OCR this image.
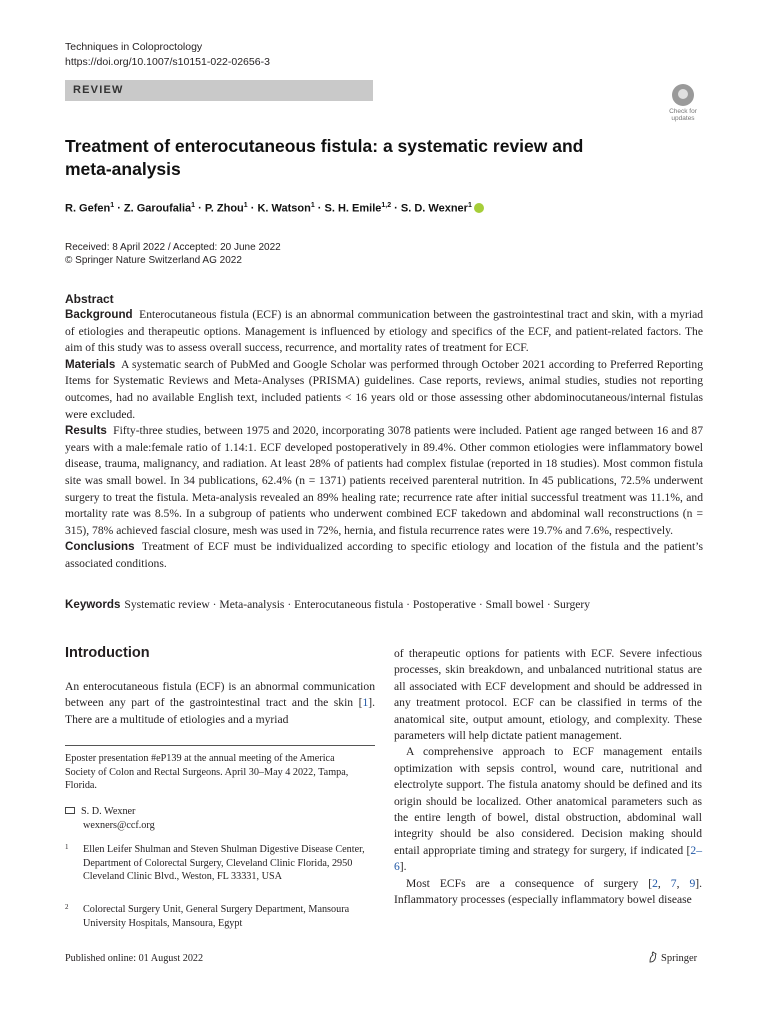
Techniques in Coloproctology
https://doi.org/10.1007/s10151-022-02656-3
REVIEW
Check for
updates
Treatment of enterocutaneous fistula: a systematic review and meta-analysis
R. Gefen$^1$ · Z. Garoufalia$^1$ · P. Zhou$^1$ · K. Watson$^1$ · S. H. Emile$^{1,2}$ · S. D. Wexner$^1$
Received: 8 April 2022 / Accepted: 20 June 2022
© Springer Nature Switzerland AG 2022
Abstract

Background Enterocutaneous fistula (ECF) is an abnormal communication between the gastrointestinal tract and skin, with a myriad of etiologies and therapeutic options. Management is influenced by etiology and specifics of the ECF, and patient-related factors. The aim of this study was to assess overall success, recurrence, and mortality rates of treatment for ECF.

Materials A systematic search of PubMed and Google Scholar was performed through October 2021 according to Preferred Reporting Items for Systematic Reviews and Meta-Analyses (PRISMA) guidelines. Case reports, reviews, animal studies, studies not reporting outcomes, had no available English text, included patients < 16 years old or those assessing other abdominocutaneous/internal fistulas were excluded.

Results Fifty-three studies, between 1975 and 2020, incorporating 3078 patients were included. Patient age ranged between 16 and 87 years with a male:female ratio of 1.14:1. ECF developed postoperatively in 89.4%. Other common etiologies were inflammatory bowel disease, trauma, malignancy, and radiation. At least 28% of patients had complex fistulae (reported in 18 studies). Most common fistula site was small bowel. In 34 publications, 62.4% (n = 1371) patients received parenteral nutrition. In 45 publications, 72.5% underwent surgery to treat the fistula. Meta-analysis revealed an 89% healing rate; recurrence rate after initial successful treatment was 11.1%, and mortality rate was 8.5%. In a subgroup of patients who underwent combined ECF takedown and abdominal wall reconstructions (n = 315), 78% achieved fascial closure, mesh was used in 72%, hernia, and fistula recurrence rates were 19.7% and 7.6%, respectively.

Conclusions Treatment of ECF must be individualized according to specific etiology and location of the fistula and the patient’s associated conditions.

Keywords Systematic review · Meta-analysis · Enterocutaneous fistula · Postoperative · Small bowel · Surgery
Introduction

An enterocutaneous fistula (ECF) is an abnormal communication between any part of the gastrointestinal tract and the skin [1]. There are a multitude of etiologies and a myriad

Eposter presentation #eP139 at the annual meeting of the America Society of Colon and Rectal Surgeons. April 30–May 4 2022, Tampa, Florida.
S. D. Wexner
wexners@ccf.org
1	Ellen Leifer Shulman and Steven Shulman Digestive Disease Center, Department of Colorectal Surgery, Cleveland Clinic Florida, 2950 Cleveland Clinic Blvd., Weston, FL 33331, USA
2	Colorectal Surgery Unit, General Surgery Department, Mansoura University Hospitals, Mansoura, Egypt

of therapeutic options for patients with ECF. Severe infectious processes, skin breakdown, and unbalanced nutritional status are all associated with ECF development and should be addressed in any treatment protocol. ECF can be classified in terms of the anatomical site, output amount, etiology, and complexity. These parameters will help dictate patient management.

A comprehensive approach to ECF management entails optimization with sepsis control, wound care, nutritional and electrolyte support. The fistula anatomy should be defined and its origin should be localized. Other anatomical parameters such as the entire length of bowel, distal obstruction, abdominal wall integrity should be also considered. Decision making should entail appropriate timing and strategy for surgery, if indicated [2–6].

Most ECFs are a consequence of surgery [2, 7, 9]. Inflammatory processes (especially inflammatory bowel disease

Published online: 01 August 2022	Springer
